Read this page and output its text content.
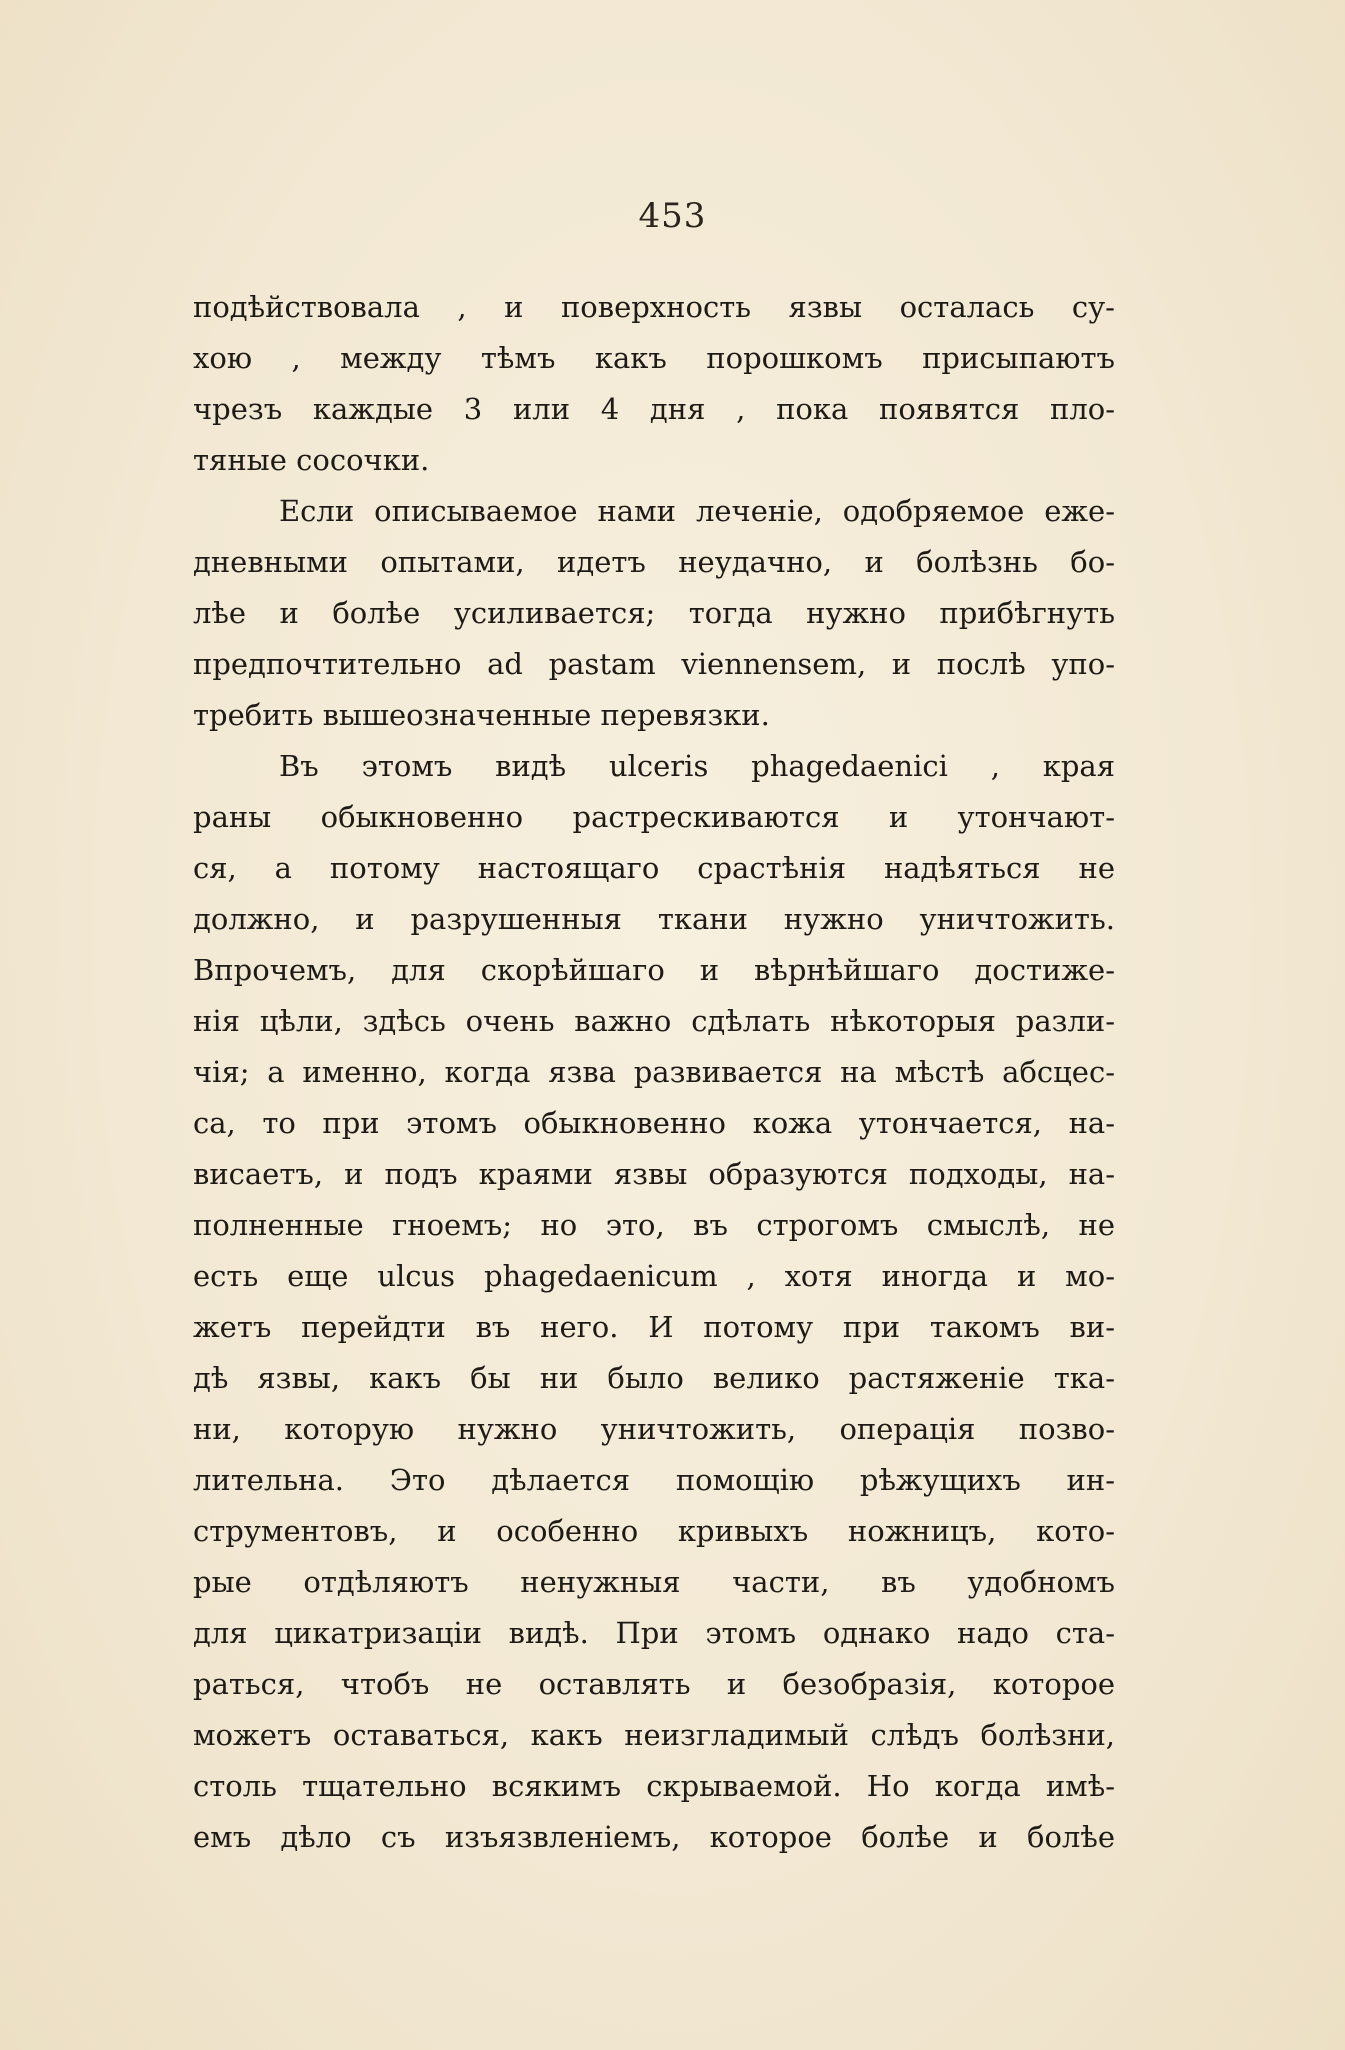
453
подѣйствовала , и поверхность язвы осталась су-
хою , между тѣмъ какъ порошкомъ присыпаютъ
чрезъ каждые 3 или 4 дня , пока появятся пло-
тяные сосочки.
Если описываемое нами леченіе, одобряемое еже-
дневными опытами, идетъ неудачно, и болѣзнь бо-
лѣе и болѣе усиливается; тогда нужно прибѣгнуть
предпочтительно ad pastam viennensem, и послѣ упо-
требить вышеозначенные перевязки.
Въ этомъ видѣ ulceris phagedaenici , края
раны обыкновенно растрескиваются и утончают-
ся, а потому настоящаго срастѣнія надѣяться не
должно, и разрушенныя ткани нужно уничтожить.
Впрочемъ, для скорѣйшаго и вѣрнѣйшаго достиже-
нія цѣли, здѣсь очень важно сдѣлать нѣкоторыя разли-
чія; а именно, когда язва развивается на мѣстѣ абсцес-
са, то при этомъ обыкновенно кожа утончается, на-
висаетъ, и подъ краями язвы образуются подходы, на-
полненные гноемъ; но это, въ строгомъ смыслѣ, не
есть еще ulcus phagedaenicum , хотя иногда и мо-
жетъ перейдти въ него. И потому при такомъ ви-
дѣ язвы, какъ бы ни было велико растяженіе тка-
ни, которую нужно уничтожить, операція позво-
лительна. Это дѣлается помощію рѣжущихъ ин-
струментовъ, и особенно кривыхъ ножницъ, кото-
рые отдѣляютъ ненужныя части, въ удобномъ
для цикатризаціи видѣ. При этомъ однако надо ста-
раться, чтобъ не оставлять и безобразія, которое
можетъ оставаться, какъ неизгладимый слѣдъ болѣзни,
столь тщательно всякимъ скрываемой. Но когда имѣ-
емъ дѣло съ изъязвленіемъ, которое болѣе и болѣе
